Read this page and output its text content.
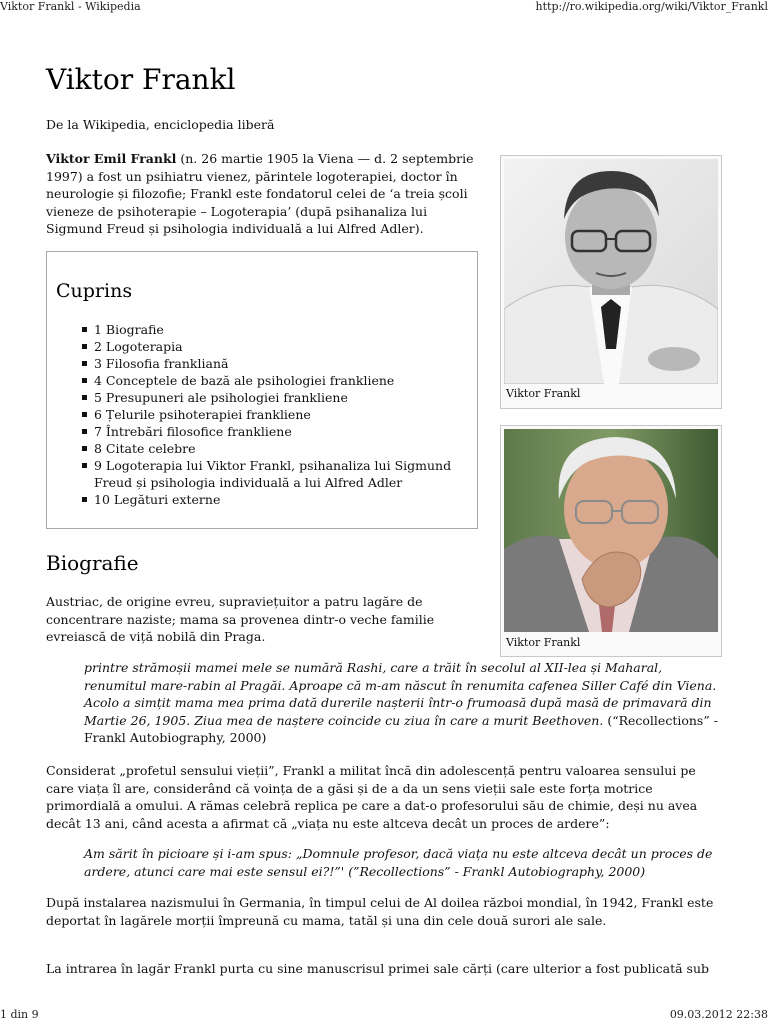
Viktor Frankl - Wikipedia	http://ro.wikipedia.org/wiki/Viktor_Frankl
Viktor Frankl
De la Wikipedia, enciclopedia liberă

Viktor Emil Frankl (n. 26 martie 1905 la Viena — d. 2 septembrie 1997) a fost un psihiatru vienez, părintele logoterapiei, doctor în neurologie și filozofie; Frankl este fondatorul celei de ‘a treia școli vieneze de psihoterapie – Logoterapia’ (după psihanaliza lui Sigmund Freud și psihologia individuală a lui Alfred Adler).

Cuprins
1 Biografie
2 Logoterapia
3 Filosofia frankliană
4 Conceptele de bază ale psihologiei frankliene
5 Presupuneri ale psihologiei frankliene
6 Țelurile psihoterapiei frankliene
7 Întrebări filosofice frankliene
8 Citate celebre
9 Logoterapia lui Viktor Frankl, psihanaliza lui Sigmund Freud și psihologia individuală a lui Alfred Adler
10 Legături externe
Biografie

Austriac, de origine evreu, supraviețuitor a patru lagăre de concentrare naziste; mama sa provenea dintr-o veche familie evreiască de viță nobilă din Praga.

printre strămoșii mamei mele se numără Rashi, care a trăit în secolul al XII-lea și Maharal, renumitul mare-rabin al Pragăi. Aproape că m-am născut în renumita cafenea Siller Café din Viena. Acolo a simțit mama mea prima dată durerile nașterii într-o frumoasă după masă de primavară din Martie 26, 1905. Ziua mea de naștere coincide cu ziua în care a murit Beethoven. (“Recollections” - Frankl Autobiography, 2000)

Considerat „profetul sensului vieții”, Frankl a militat încă din adolescență pentru valoarea sensului pe care viața îl are, considerând că voința de a găsi și de a da un sens vieții sale este forța motrice primordială a omului. A rămas celebră replica pe care a dat-o profesorului său de chimie, deși nu avea decât 13 ani, când acesta a afirmat că „viața nu este altceva decât un proces de ardere”:

Am sărit în picioare și i-am spus: „Domnule profesor, dacă viața nu este altceva decât un proces de ardere, atunci care mai este sensul ei?!”' (”Recollections” - Frankl Autobiography, 2000)

După instalarea nazismului în Germania, în timpul celui de Al doilea război mondial, în 1942, Frankl este deportat în lagărele morții împreună cu mama, tatăl și una din cele două surori ale sale.

La intrarea în lagăr Frankl purta cu sine manuscrisul primei sale cărți (care ulterior a fost publicată sub

Viktor Frankl
Viktor Frankl
1 din 9	09.03.2012 22:38
